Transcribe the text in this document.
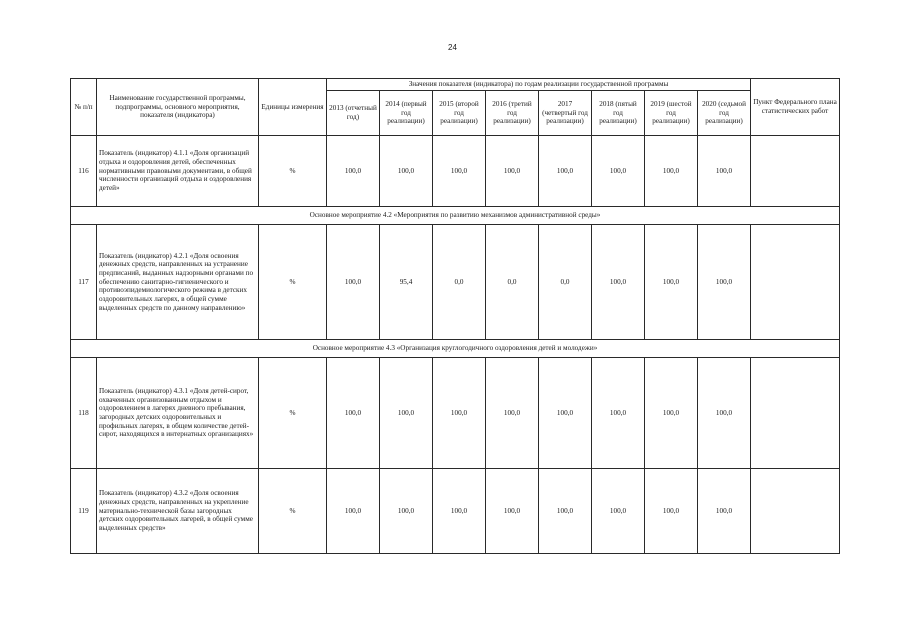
24
№ п/п	Наименование государственной программы, подпрограммы, основного мероприятия, показателя (индикатора)	Единицы измерения	Значения показателя (индикатора) по годам реализации государственной программы								Пункт Федерального плана статистических работ
			2013 (отчетный год)	2014 (первый год реализации)	2015 (второй год реализации)	2016 (третий год реализации)	2017 (четвертый год реализации)	2018 (пятый год реализации)	2019 (шестой год реализации)	2020 (седьмой год реализации)	
116	Показатель (индикатор) 4.1.1 «Доля организаций отдыха и оздоровления детей, обеспеченных нормативными правовыми документами, в общей численности организаций отдыха и оздоровления детей»	%	100,0	100,0	100,0	100,0	100,0	100,0	100,0	100,0	
Основное мероприятие 4.2 «Мероприятия по развитию механизмов административной среды»											
117	Показатель (индикатор) 4.2.1 «Доля освоения денежных средств, направленных на устранение предписаний, выданных надзорными органами по обеспечению санитарно-гигиенического и противоэпидемиологического режима в детских оздоровительных лагерях, в общей сумме выделенных средств по данному направлению»	%	100,0	95,4	0,0	0,0	0,0	100,0	100,0	100,0	
Основное мероприятие 4.3 «Организация круглогодичного оздоровления детей и молодежи»											
118	Показатель (индикатор) 4.3.1 «Доля детей-сирот, охваченных организованным отдыхом и оздоровлением в лагерях дневного пребывания, загородных детских оздоровительных и профильных лагерях, в общем количестве детей-сирот, находящихся в интернатных организациях»	%	100,0	100,0	100,0	100,0	100,0	100,0	100,0	100,0	
119	Показатель (индикатор) 4.3.2 «Доля освоения денежных средств, направленных на укрепление материально-технической базы загородных детских оздоровительных лагерей, в общей сумме выделенных средств»	%	100,0	100,0	100,0	100,0	100,0	100,0	100,0	100,0	
